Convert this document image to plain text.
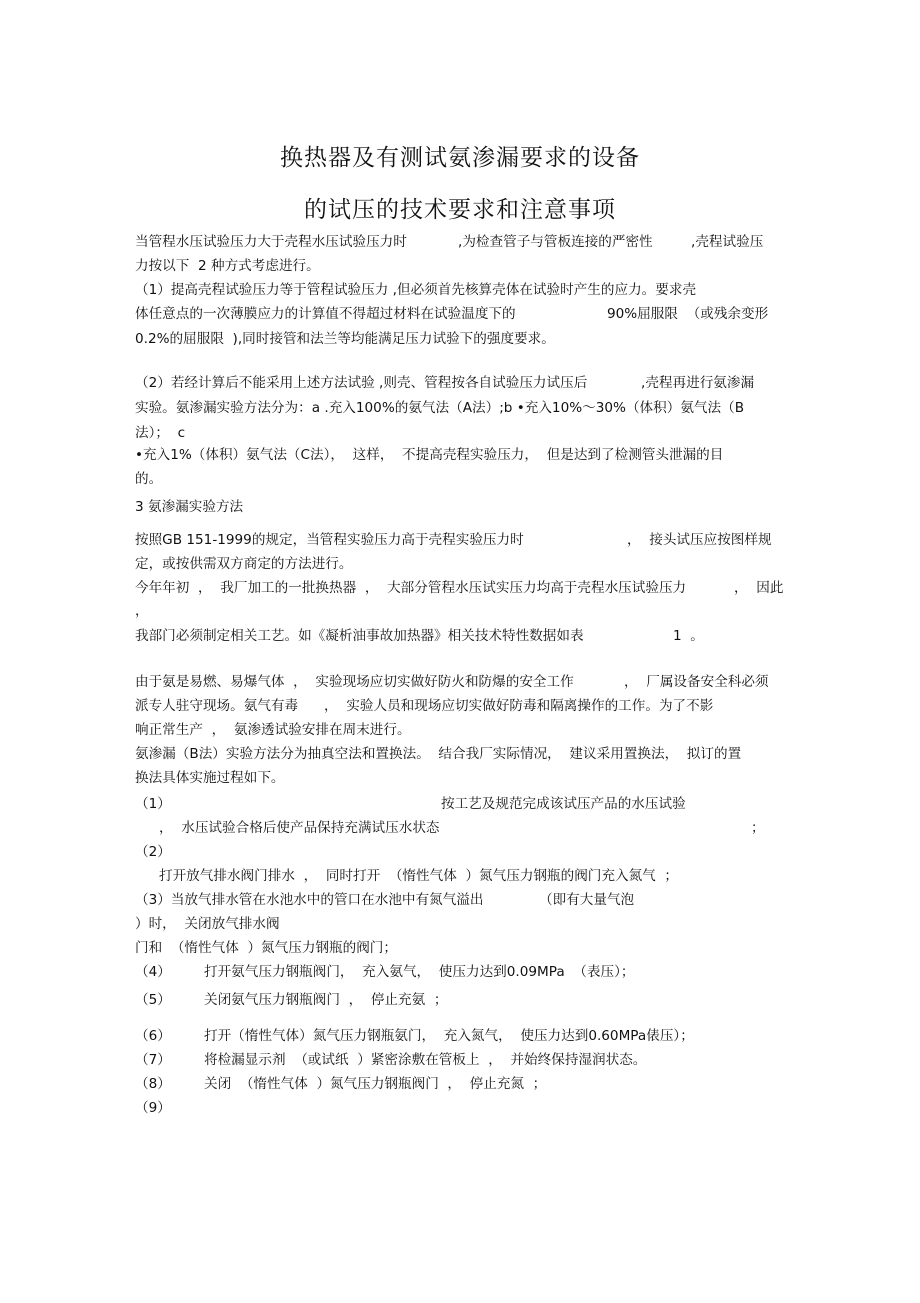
换热器及有测试氨渗漏要求的设备
的试压的技术要求和注意事项
当管程水压试验压力大于壳程水压试验压力时	,为检查管子与管板连接的严密性	,壳程试验压
力按以下  2 种方式考虑进行。
（1）提高壳程试验压力等于管程试验压力 ,但必须首先核算壳体在试验时产生的应力。要求壳
体任意点的一次薄膜应力的计算值不得超过材料在试验温度下的	90%屈服限  （或残余变形
0.2%的屈服限  ),同时接管和法兰等均能满足压力试验下的强度要求。
（2）若经计算后不能采用上述方法试验 ,则壳、管程按各自试验压力试压后	,壳程再进行氨渗漏
实验。氨渗漏实验方法分为：a .充入100%的氨气法（A法）;b •充入10%～30%（体积）氨气法（B
法）；  c
•充入1%（体积）氨气法（C法），  这样，  不提高壳程实验压力，  但是达到了检测管头泄漏的目
的。
3 氨渗漏实验方法
按照GB 151-1999的规定，当管程实验压力高于壳程实验压力时	，  接头试压应按图样规
定，或按供需双方商定的方法进行。
今年年初  ，  我厂加工的一批换热器  ，  大部分管程水压试实压力均高于壳程水压试验压力	，  因此
，
我部门必须制定相关工艺。如《凝析油事故加热器》相关技术特性数据如表	1  。
由于氨是易燃、易爆气体  ，  实验现场应切实做好防火和防爆的安全工作	，  厂属设备安全科必须
派专人驻守现场。氨气有毒      ，  实验人员和现场应切实做好防毒和隔离操作的工作。为了不影
响正常生产  ，  氨渗透试验安排在周末进行。
氨渗漏（B法）实验方法分为抽真空法和置换法。  结合我厂实际情况，  建议采用置换法，  拟订的置
换法具体实施过程如下。
（1）	按工艺及规范完成该试压产品的水压试验
，  水压试验合格后使产品保持充满试压水状态	；
（2）
打开放气排水阀门排水  ，  同时打开  （惰性气体  ）氮气压力钢瓶的阀门充入氮气  ；
（3）当放气排水管在水池水中的管口在水池中有氮气溢出	（即有大量气泡
）时，  关闭放气排水阀
门和  （惰性气体  ）氮气压力钢瓶的阀门；
（4） 打开氨气压力钢瓶阀门，  充入氨气，  使压力达到0.09MPa  （表压）；
（5） 关闭氨气压力钢瓶阀门  ，  停止充氨  ；
（6） 打开（惰性气体）氮气压力钢瓶氨门，  充入氮气，  使压力达到0.60MPa俵压）；
（7） 将检漏显示剂  （或试纸  ）紧密涂敷在管板上  ，  并始终保持湿润状态。
（8） 关闭  （惰性气体  ）氮气压力钢瓶阀门  ，  停止充氮  ；
（9）
